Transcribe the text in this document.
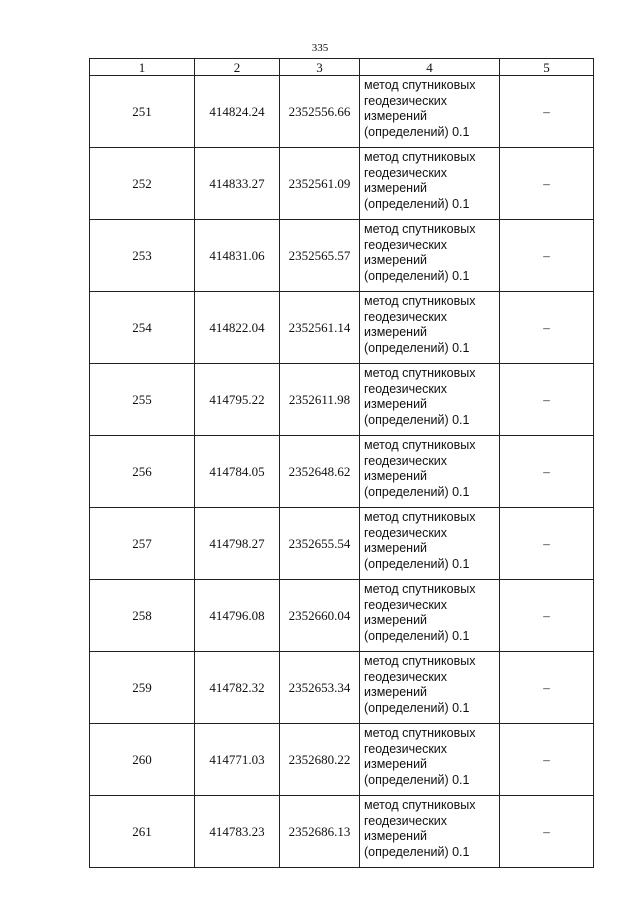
335
1	2	3	4	5
251	414824.24	2352556.66	метод спутниковых
геодезических
измерений
(определений) 0.1	–
252	414833.27	2352561.09	метод спутниковых
геодезических
измерений
(определений) 0.1	–
253	414831.06	2352565.57	метод спутниковых
геодезических
измерений
(определений) 0.1	–
254	414822.04	2352561.14	метод спутниковых
геодезических
измерений
(определений) 0.1	–
255	414795.22	2352611.98	метод спутниковых
геодезических
измерений
(определений) 0.1	–
256	414784.05	2352648.62	метод спутниковых
геодезических
измерений
(определений) 0.1	–
257	414798.27	2352655.54	метод спутниковых
геодезических
измерений
(определений) 0.1	–
258	414796.08	2352660.04	метод спутниковых
геодезических
измерений
(определений) 0.1	–
259	414782.32	2352653.34	метод спутниковых
геодезических
измерений
(определений) 0.1	–
260	414771.03	2352680.22	метод спутниковых
геодезических
измерений
(определений) 0.1	–
261	414783.23	2352686.13	метод спутниковых
геодезических
измерений
(определений) 0.1	–
